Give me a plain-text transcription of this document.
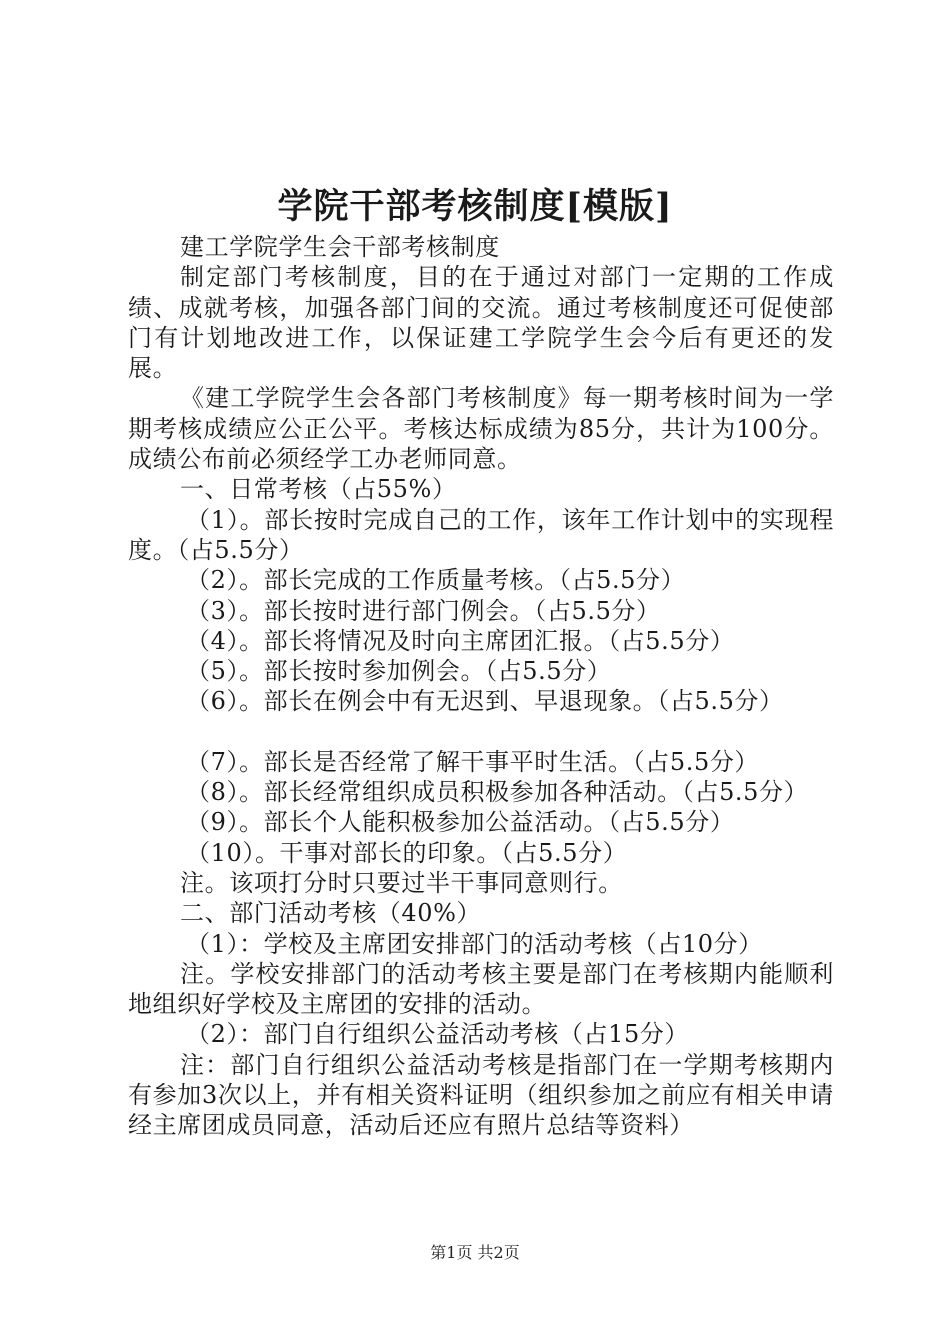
学院干部考核制度[模版]

建工学院学生会干部考核制度

制定部门考核制度，目的在于通过对部门一定期的工作成绩、成就考核，加强各部门间的交流。通过考核制度还可促使部门有计划地改进工作，以保证建工学院学生会今后有更还的发展。

《建工学院学生会各部门考核制度》每一期考核时间为一学期考核成绩应公正公平。考核达标成绩为85分，共计为100分。成绩公布前必须经学工办老师同意。

一、日常考核（占55%）

（1）。部长按时完成自己的工作，该年工作计划中的实现程度。（占5.5分）

（2）。部长完成的工作质量考核。（占5.5分）

（3）。部长按时进行部门例会。（占5.5分）

（4）。部长将情况及时向主席团汇报。（占5.5分）

（5）。部长按时参加例会。（占5.5分）

（6）。部长在例会中有无迟到、早退现象。（占5.5分）

（7）。部长是否经常了解干事平时生活。（占5.5分）

（8）。部长经常组织成员积极参加各种活动。（占5.5分）

（9）。部长个人能积极参加公益活动。（占5.5分）

（10）。干事对部长的印象。（占5.5分）

注。该项打分时只要过半干事同意则行。

二、部门活动考核（40%）

（1）：学校及主席团安排部门的活动考核（占10分）

注。学校安排部门的活动考核主要是部门在考核期内能顺利地组织好学校及主席团的安排的活动。

（2）：部门自行组织公益活动考核（占15分）

注：部门自行组织公益活动考核是指部门在一学期考核期内有参加3次以上，并有相关资料证明（组织参加之前应有相关申请经主席团成员同意，活动后还应有照片总结等资料）

第1页 共2页
